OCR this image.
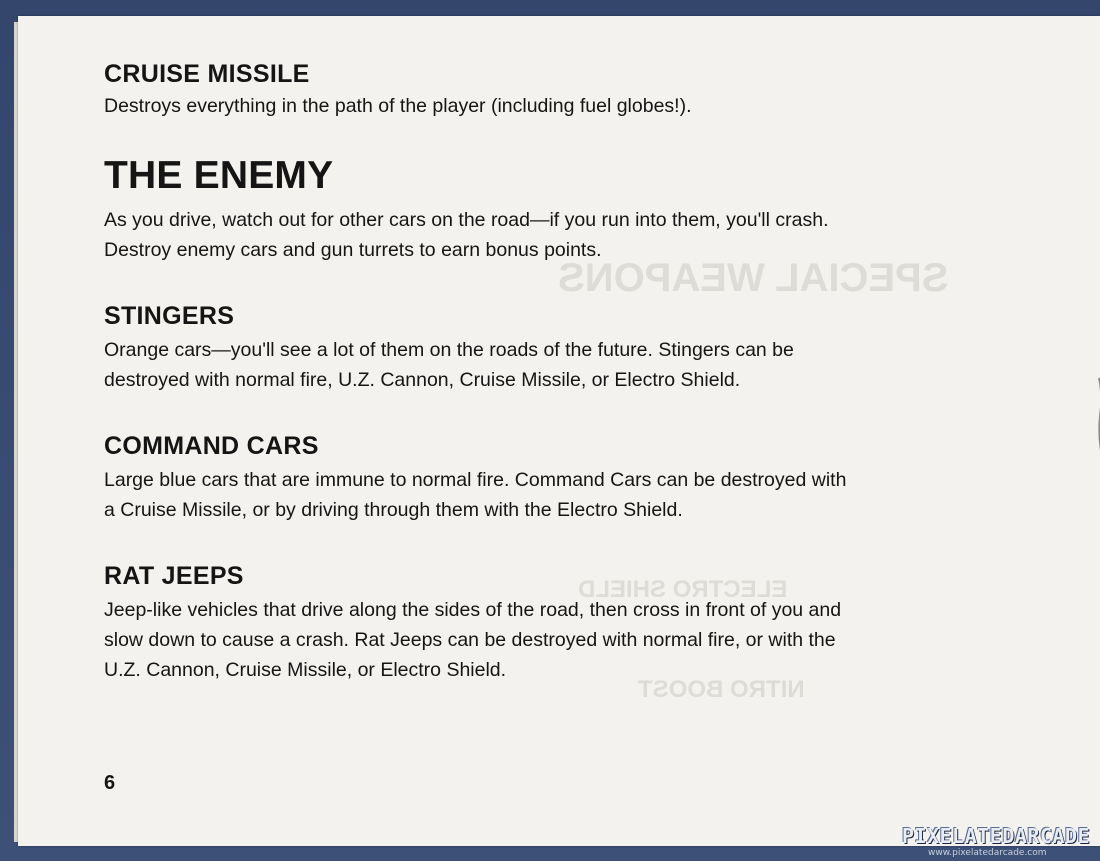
SPECIAL WEAPONS
ELECTRO SHIELD
NITRO BOOST
CRUISE MISSILE

Destroys everything in the path of the player (including fuel globes!).

THE ENEMY

As you drive, watch out for other cars on the road—if you run into them, you'll crash.

Destroy enemy cars and gun turrets to earn bonus points.

STINGERS

Orange cars—you'll see a lot of them on the roads of the future. Stingers can be

destroyed with normal fire, U.Z. Cannon, Cruise Missile, or Electro Shield.

COMMAND CARS

Large blue cars that are immune to normal fire. Command Cars can be destroyed with

a Cruise Missile, or by driving through them with the Electro Shield.

RAT JEEPS

Jeep-like vehicles that drive along the sides of the road, then cross in front of you and

slow down to cause a crash. Rat Jeeps can be destroyed with normal fire, or with the

U.Z. Cannon, Cruise Missile, or Electro Shield.

6
PIXELATEDARCADE
www.pixelatedarcade.com
